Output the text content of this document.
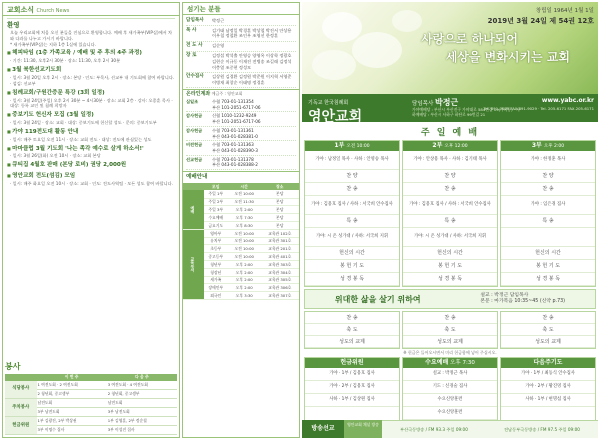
교회소식 Church News
환영
오늘 우리교회에 처음 오신 분들을 진심으로 환영합니다. 예배 후 새가족부(VIP실)에서 차와 다과를 나누고 가시기 바랍니다.
* 새가족부(VIP실)는 지하 1층 1실에 있습니다.
■ 헤피타임 (1층 가족교육 / 예배 및 주 후의 4주 과정)
· 기간: 11:30, 오후2시 30분 · 장소: 11:30, 오후 2시 30분
■ 3월 북한선교기도회
· 일시: 3월 20일 오후 2시 · 장소: 본당 · 인도: 부목사, 선교부 내 기도회에 참여 바랍니다. · 섬김: 선교부
■ 침례교회/구원간증문 특강 (3회 일정)
· 일시: 3월 24일(주일) 오후 2시 30분 ~ 4시30분 · 장소: 교회 2층 · 강사: 오종훈 목사 · 대상: 등록 교인 및 침례 희망자
■ 중보기도 헌신자 모집 (3월 일정)
· 일시: 3월 24일 · 장소: 교회 · 대상: 중보기도에 헌신할 성도 · 문의: 중보기도부
■ 가야 119전도대 활동 안내
· 일시: 매주 토요일 오전 11시 · 장소: 교회 전도 · 대상: 전도에 관심있는 성도
■ 마마클럽 3월 기도회 '나는 족각 예수로 살게 하소서!'
· 일시: 3월 26일(화) 오전 10시 · 장소: 교회 본당
■ 큐티집 4월호 판매 (본당 로비) 권당 2,000원
■ 영안교회 전도(섬김) 모임
· 일시: 매주 화요일 오전 10시 · 장소: 교회 · 인도: 전도사역팀 · 모든 성도 참여 바랍니다.
봉사
	이 번 주	다 음 주
식당봉사	1 여전도회 · 2 여전도회	3 여전도회 · 4 여전도회
	2 청년회, 중고생부	2 청년회, 중고생부
주차봉사	남전도회	남전도회
	3부 남전도회	3부 남전도회
헌금위원	1부 김광진, 2부 박상권	1부 김영훈, 2부 정순철
	3부 이명수 집사	3부 이성진 집사
섬기는 분들
담임목사	박정근
목 사	김기태 남정일 박경훈 박상철 박진서 안상용 이우철 정철환 조인우 조영선 한정훈
전 도 사	김순영
장 로	김정섭 박석출 안영승 양영옥 이상학 정광호 김현순 이규동 이재진 전병송 조길래 김정석 이충열 조중현 정성모
안수집사	김상원 김경환 김정원 박준원 이지혁 서영준 이병재 최창순 이태명 정경훈
온라인계좌 예금주 : 영안교회
십일조	수협 703-01-131354
부산 101-2051-6717-06
감사헌금	신협 1010-1232-9249
부산 101-2051-6717-06
감사헌금	수협 703-01-131361
부산 043-01-028381-0
비전헌금	수협 703-01-131363
부산 043-01-028390-3
선교헌금	수협 703-01-131378
부산 043-01-028388-2
예배안내
	모임	시간	장소
예배	주일 1부	오전 10:00	본당
	주일 2부	오전 11:30	본당
	주일 3부	오후 2:00	본당
	수요예배	오후 7:30	본당
	금요기도	오후 8:30	본당
교육부서	영아부	오전 10:00	교육관 102호
	유치부	오전 10:00	교육관 301호
	초등부	오전 10:00	교육관 201호
	중고등부	오전 10:00	교육관 401호
	청년부	오후 2:00	교육관 303호
	청장년	오후 2:00	교육관 304호
	새가족	오후 2:00	교육관 305호
	장애인부	오후 2:00	교육관 306호
	외국인	오후 3:30	교육관 307호
창립일 1964년 1월 1일
2019년 3월 24일 제 54권 12호
사랑으로 하나되어
세상을 변화시키는 교회
기독교 한국침례회
영안교회
담임목사 박정근
가야예배당 : 부산시 부산진구 가야대로 584번길 19(가야동) · 사하예배당 : 부산시 사하구 하단로 99번길 21
www.yabc.or.kr
Tel. 891-7025 FAX.891-9029 · Tel. 205-6171 FAX.205-6171
주 일 예 배
1부 오전 10:00
가야 : 남정일 목사 · 사하 : 안영승 목사
찬 양
찬 송
가야 : 김용호 집사 / 사하 : 서국희 안수집사
특 송
가야: 시 온 성가대 / 사하: 서국희 지휘
헌신의 시간
봉 헌 기 도
성 경 봉 독
2부 오후 12:00
가야 : 안상용 목사 · 사하 : 김기태 목사
찬 양
찬 송
가야 : 김용호 집사 / 사하 : 서국희 안수집사
특 송
가야: 시 온 성가대 / 사하: 서국희 지휘
헌신의 시간
봉 헌 기 도
성 경 봉 독
3부 오후 2:00
가야 : 한정훈 목사
찬 양
찬 송
가야 : 임은경 집사
특 송
헌신의 시간
봉 헌 기 도
성 경 봉 독
위대한 삶을 살기 위하여	설교 : 박정근 담임목사
본문 : 마가복음 10:35~45 (신약 p.73)
찬 송
축 도
성도의 교제
찬 송
축 도
성도의 교제
찬 송
축 도
성도의 교제
※ 헌금은 들어오시면서 미리 헌금함에 넣어 주십시오.
헌금위원
가야 · 1부 / 김용호 집사
가야 · 2부 / 김용호 집사
사하 · 1부 / 김상원 집사
수요예배 오후 7:30
설교 : 박정근 목사
기도 : 신경술 집사
수요신앙훈련
수요신앙훈련
다음주기도
가야 · 1부 / 최동식 안수집사
가야 · 2부 / 황진영 집사
사하 · 1부 / 현명섭 집사
방송선교
영안교회 채널 방송
부산극동방송 / FM 93.3 주일 09:00	전남동부극동방송 / FM 97.5 주일 09:00
